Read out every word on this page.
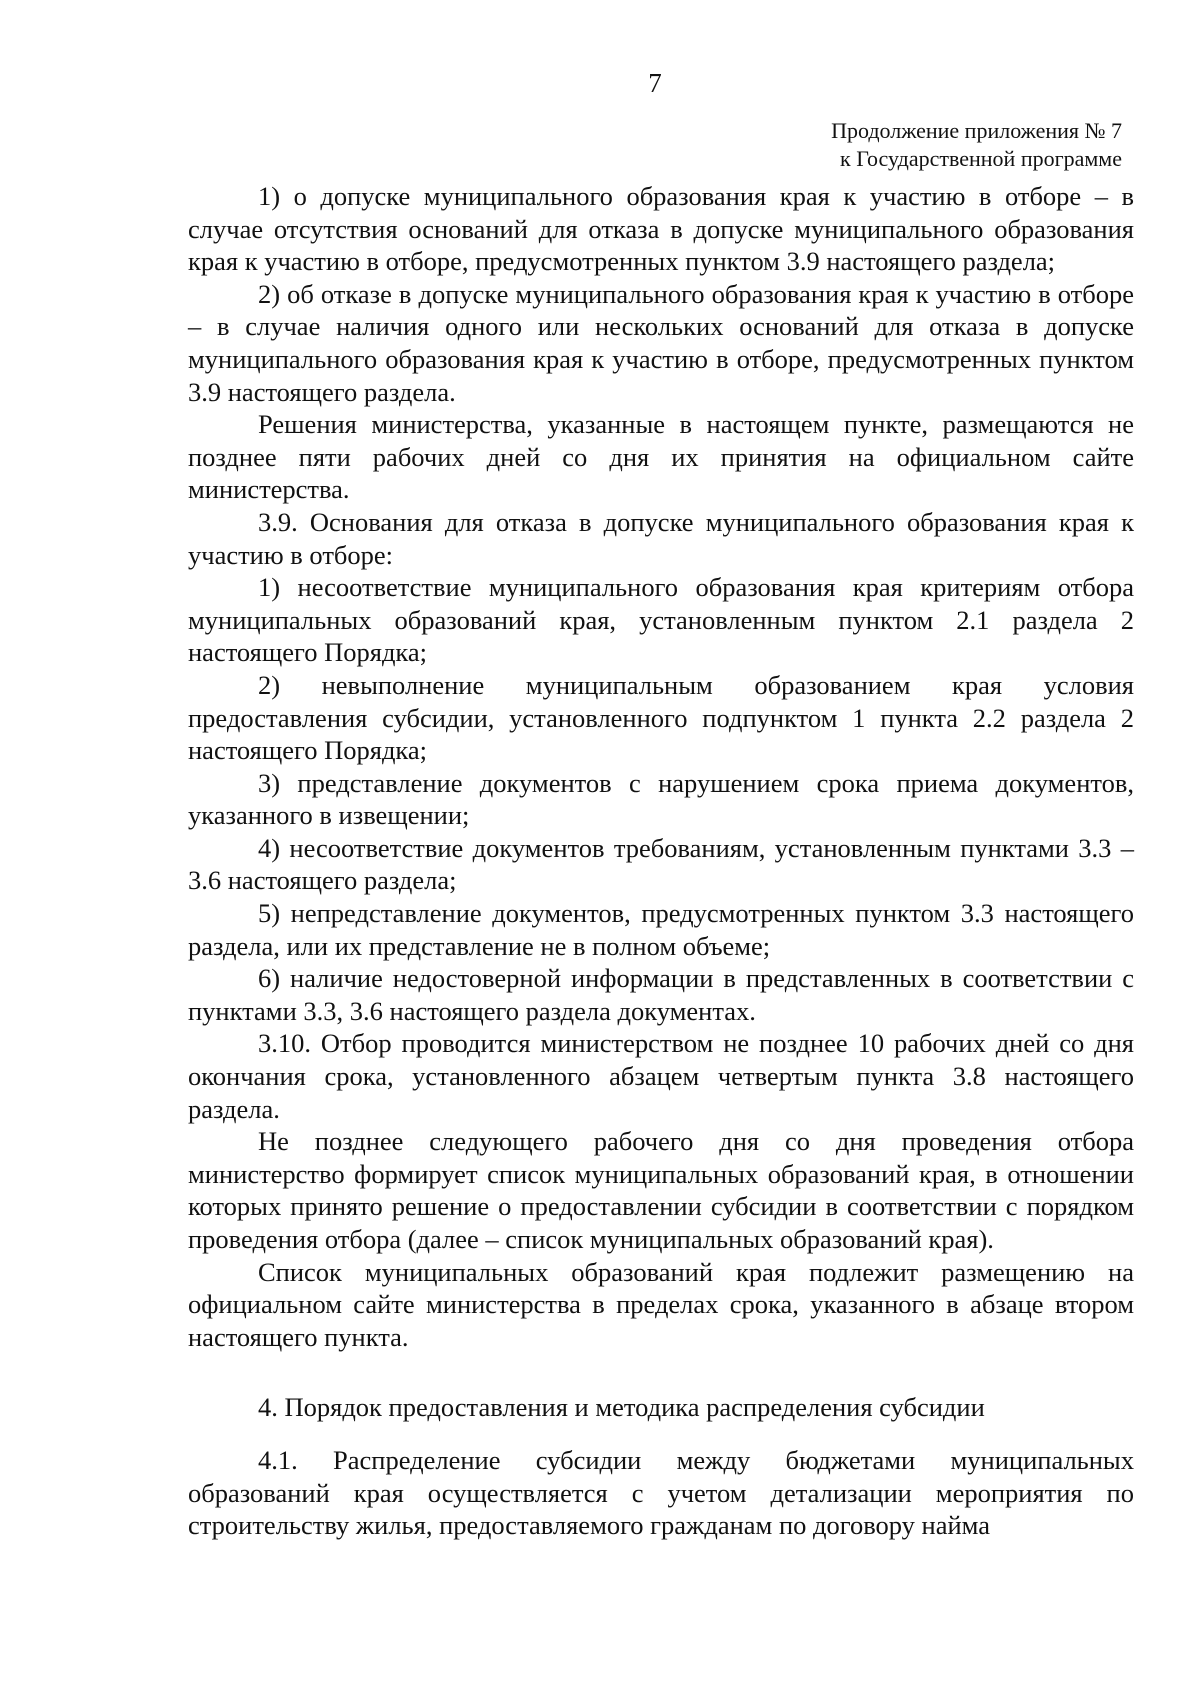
7
Продолжение приложения № 7
к Государственной программе

1) о допуске муниципального образования края к участию в отборе – в случае отсутствия оснований для отказа в допуске муниципального образования края к участию в отборе, предусмотренных пунктом 3.9 настоящего раздела;

2) об отказе в допуске муниципального образования края к участию в отборе – в случае наличия одного или нескольких оснований для отказа в допуске муниципального образования края к участию в отборе, предусмотренных пунктом 3.9 настоящего раздела.

Решения министерства, указанные в настоящем пункте, размещаются не позднее пяти рабочих дней со дня их принятия на официальном сайте министерства.

3.9. Основания для отказа в допуске муниципального образования края к участию в отборе:

1) несоответствие муниципального образования края критериям отбора муниципальных образований края, установленным пунктом 2.1 раздела 2 настоящего Порядка;

2) невыполнение муниципальным образованием края условия предоставления субсидии, установленного подпунктом 1 пункта 2.2 раздела 2 настоящего Порядка;

3) представление документов с нарушением срока приема документов, указанного в извещении;

4) несоответствие документов требованиям, установленным пунктами 3.3 – 3.6 настоящего раздела;

5) непредставление документов, предусмотренных пунктом 3.3 настоящего раздела, или их представление не в полном объеме;

6) наличие недостоверной информации в представленных в соответствии с пунктами 3.3, 3.6 настоящего раздела документах.

3.10. Отбор проводится министерством не позднее 10 рабочих дней со дня окончания срока, установленного абзацем четвертым пункта 3.8 настоящего раздела.

Не позднее следующего рабочего дня со дня проведения отбора министерство формирует список муниципальных образований края, в отношении которых принято решение о предоставлении субсидии в соответствии с порядком проведения отбора (далее – список муниципальных образований края).

Список муниципальных образований края подлежит размещению на официальном сайте министерства в пределах срока, указанного в абзаце втором настоящего пункта.

4. Порядок предоставления и методика распределения субсидии

4.1. Распределение субсидии между бюджетами муниципальных образований края осуществляется с учетом детализации мероприятия по строительству жилья, предоставляемого гражданам по договору найма
